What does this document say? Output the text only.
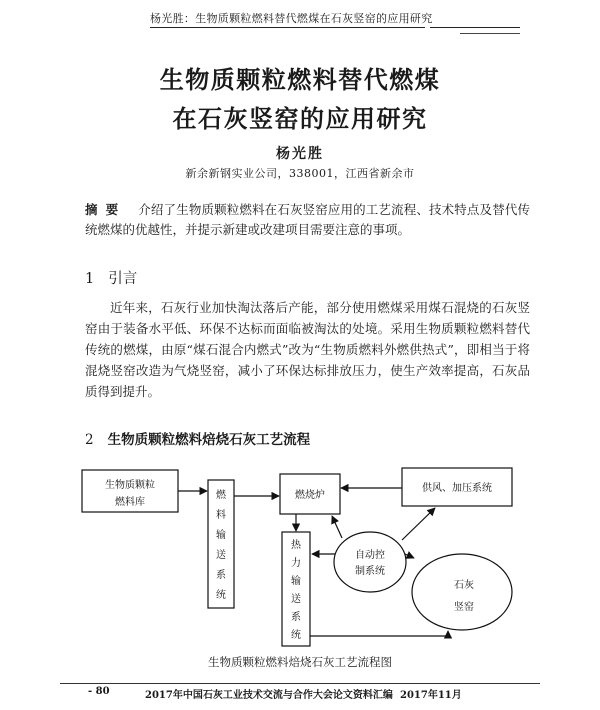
杨光胜：生物质颗粒燃料替代燃煤在石灰竖窑的应用研究
生物质颗粒燃料替代燃煤
在石灰竖窑的应用研究
杨光胜
新余新钢实业公司，338001，江西省新余市
摘要 介绍了生物质颗粒燃料在石灰竖窑应用的工艺流程、技术特点及替代传统燃煤的优越性，并提示新建或改建项目需要注意的事项。
1 引言
近年来，石灰行业加快淘汰落后产能，部分使用燃煤采用煤石混烧的石灰竖窑由于装备水平低、环保不达标而面临被淘汰的处境。采用生物质颗粒燃料替代传统的燃煤，由原“煤石混合内燃式”改为“生物质燃料外燃供热式”，即相当于将混烧竖窑改造为气烧竖窑，减小了环保达标排放压力，使生产效率提高，石灰品质得到提升。
2 生物质颗粒燃料焙烧石灰工艺流程
生物质颗粒
燃料库
燃
料
输
送
系
统
燃烧炉
供风、加压系统
热
力
输
送
系
统
自动控
制系统
石灰
竖窑
生物质颗粒燃料焙烧石灰工艺流程图
- 80	2017年中国石灰工业技术交流与合作大会论文资料汇编 2017年11月
